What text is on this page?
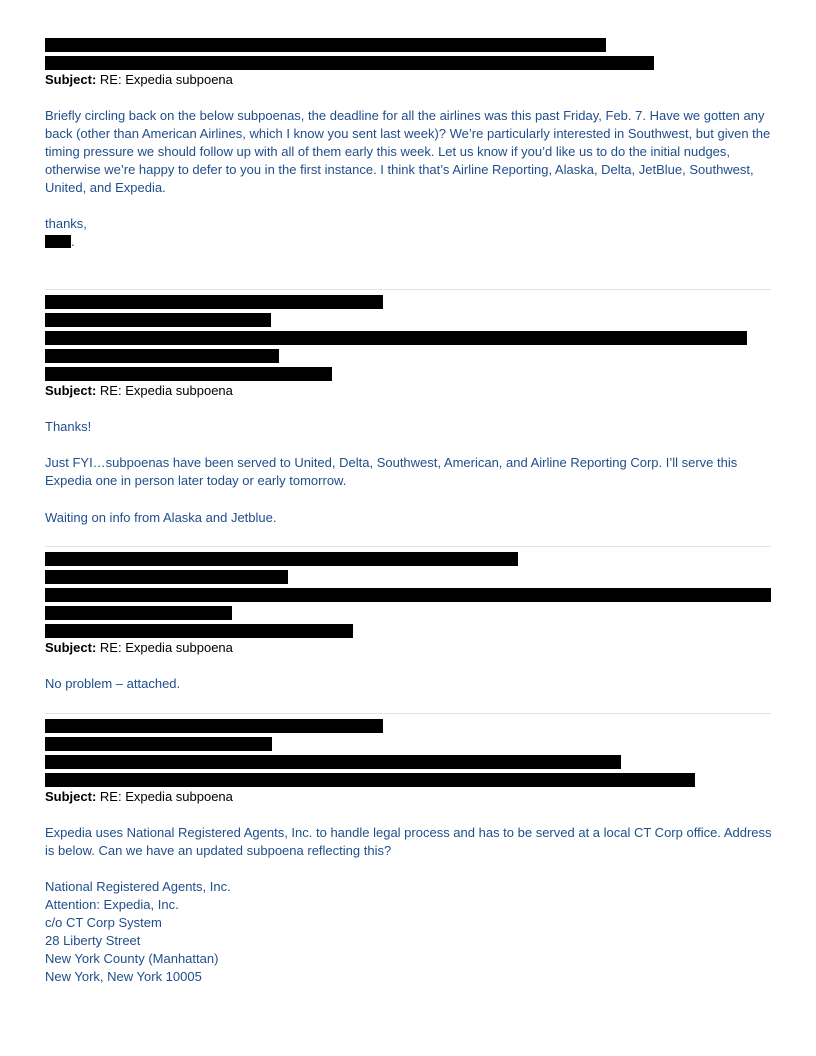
Subject: RE: Expedia subpoena

Briefly circling back on the below subpoenas, the deadline for all the airlines was this past Friday, Feb. 7. Have we gotten any back (other than American Airlines, which I know you sent last week)? We’re particularly interested in Southwest, but given the timing pressure we should follow up with all of them early this week. Let us know if you’d like us to do the initial nudges, otherwise we’re happy to defer to you in the first instance. I think that’s Airline Reporting, Alaska, Delta, JetBlue, Southwest, United, and Expedia.

thanks,

.

Subject: RE: Expedia subpoena

Thanks!

Just FYI…subpoenas have been served to United, Delta, Southwest, American, and Airline Reporting Corp. I’ll serve this Expedia one in person later today or early tomorrow.

Waiting on info from Alaska and Jetblue.

Subject: RE: Expedia subpoena

No problem – attached.

Subject: RE: Expedia subpoena

Expedia uses National Registered Agents, Inc. to handle legal process and has to be served at a local CT Corp office. Address is below. Can we have an updated subpoena reflecting this?

National Registered Agents, Inc.

Attention: Expedia, Inc.

c/o CT Corp System

28 Liberty Street

New York County (Manhattan)

New York, New York 10005
